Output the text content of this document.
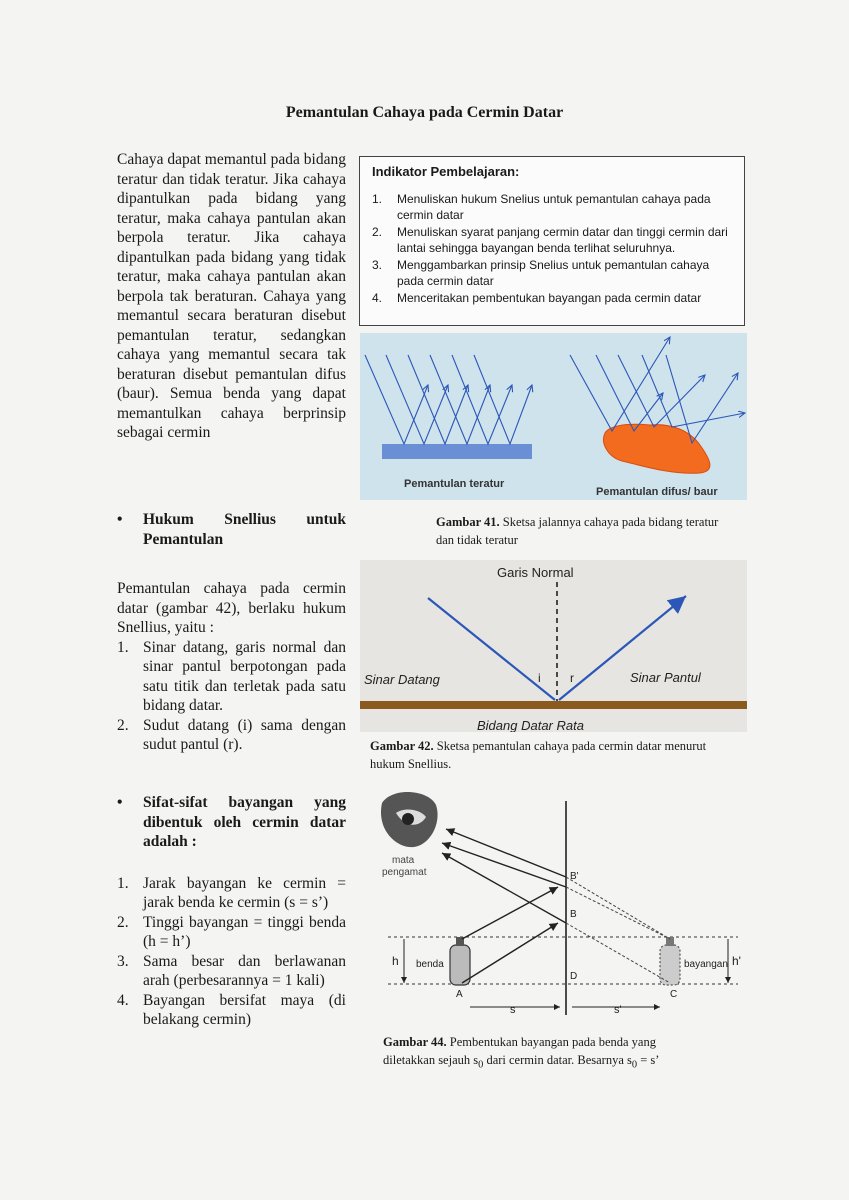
Pemantulan Cahaya pada Cermin Datar
Cahaya dapat memantul pada bidang teratur dan tidak teratur. Jika cahaya dipantulkan pada bidang yang teratur, maka cahaya pantulan akan berpola teratur. Jika cahaya dipantulkan pada bidang yang tidak teratur, maka cahaya pantulan akan berpola tak beraturan. Cahaya yang memantul secara beraturan disebut pemantulan teratur, sedangkan cahaya yang memantul secara tak beraturan disebut pemantulan difus (baur). Semua benda yang dapat memantulkan cahaya berprinsip sebagai cermin
Indikator Pembelajaran:
1.	Menuliskan hukum Snelius untuk pemantulan cahaya pada cermin datar
2.	Menuliskan syarat panjang cermin datar dan tinggi cermin dari lantai sehingga bayangan benda terlihat seluruhnya.
3.	Menggambarkan prinsip Snelius untuk pemantulan cahaya pada cermin datar
4.	Menceritakan pembentukan bayangan pada cermin datar
Pemantulan teratur
Pemantulan difus/ baur
Gambar 41. Sketsa jalannya cahaya pada bidang teratur dan tidak teratur
•	Hukum Snellius untuk Pemantulan
Pemantulan cahaya pada cermin datar (gambar 42), berlaku hukum Snellius, yaitu :
1. Sinar datang, garis normal dan sinar pantul berpotongan pada satu titik dan terletak pada satu bidang datar.
2. Sudut datang (i) sama dengan sudut pantul (r).
Garis Normal
Sinar Datang	Sinar Pantul
i r
Bidang Datar Rata
Gambar 42. Sketsa pemantulan cahaya pada cermin datar menurut hukum Snellius.
•	Sifat-sifat bayangan yang dibentuk oleh cermin datar adalah :
1. Jarak bayangan ke cermin = jarak benda ke cermin (s = s’)
2. Tinggi bayangan = tinggi benda (h = h’)
3. Sama besar dan berlawanan arah (perbesarannya = 1 kali)
4. Bayangan bersifat maya (di belakang cermin)
mata
pengamat	B'
B
D
A	C
h benda	bayangan h'
s	s'
Gambar 44. Pembentukan bayangan pada benda yang
diletakkan sejauh $s_0$ dari cermin datar. Besarnya $s_0 = s$’
